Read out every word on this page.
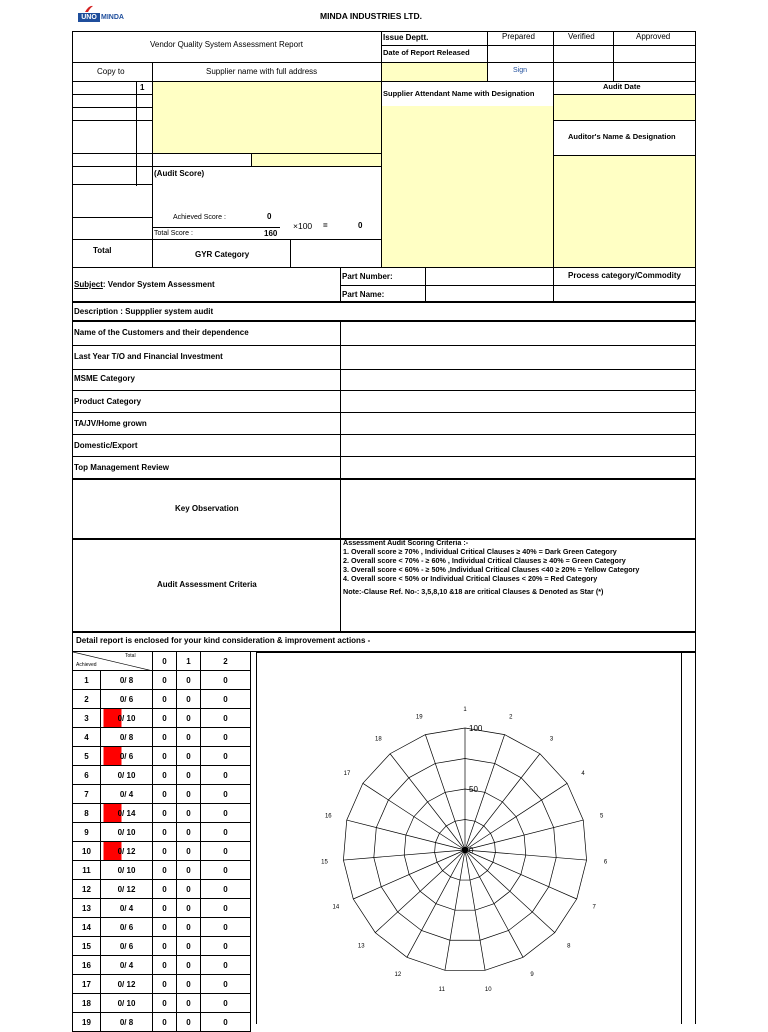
UNO MINDA	MINDA INDUSTRIES LTD.
Vendor Quality System Assessment Report
Issue Deptt.	Prepared	Verified	Approved
Date of Report Released
Copy to	Supplier name with full address	Sign
1
Supplier Attendant Name with Designation
Audit Date
Auditor's Name & Designation
(Audit Score)
Achieved Score :	0
Total Score :	160
×100 =	0
Total	GYR Category
Subject: Vendor System Assessment
Part Number:
Part Name:
Process category/Commodity
Description : Suppplier system audit
Name of the Customers and their dependence
Last Year T/O and Financial Investment
MSME Category
Product Category
TA/JV/Home grown
Domestic/Export
Top Management Review
Key Observation
Audit Assessment Criteria
Assessment Audit Scoring Criteria :-
1. Overall score ≥ 70% , Individual Critical Clauses ≥ 40% = Dark Green Category
2. Overall score < 70% - ≥ 60% , Individual Critical Clauses ≥ 40% = Green Category
3. Overall score < 60% - ≥ 50% ,Individual Critical Clauses <40 ≥ 20% = Yellow Category
4. Overall score < 50% or Individual Critical Clauses < 20% = Red Category
Note:-Clause Ref. No-: 3,5,8,10 &18 are critical Clauses & Denoted as Star (*)
Detail report is enclosed for your kind consideration & improvement actions -
Total
Achieved		0	1	2
1	0/ 8	0	0	0
2	0/ 6	0	0	0
3	0/ 10	0	0	0
4	0/ 8	0	0	0
5	0/ 6	0	0	0
6	0/ 10	0	0	0
7	0/ 4	0	0	0
8	0/ 14	0	0	0
9	0/ 10	0	0	0
10	0/ 12	0	0	0
11	0/ 10	0	0	0
12	0/ 12	0	0	0
13	0/ 4	0	0	0
14	0/ 6	0	0	0
15	0/ 6	0	0	0
16	0/ 4	0	0	0
17	0/ 12	0	0	0
18	0/ 10	0	0	0
19	0/ 8	0	0	0
1
2
3
4
5
6
7
8
9
10
11
12
13
14
15
16
17
18
19
0
50
100
